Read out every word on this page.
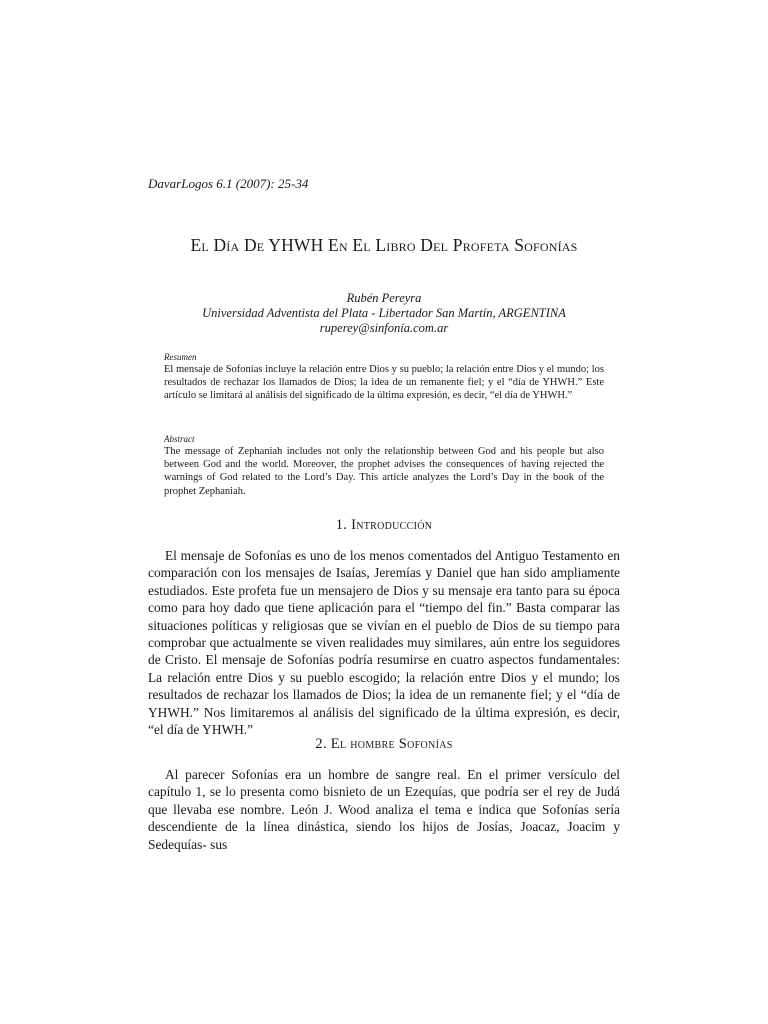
DavarLogos 6.1 (2007): 25-34
El Día De YHWH En El Libro Del Profeta Sofonías
Rubén Pereyra
Universidad Adventista del Plata - Libertador San Martín, ARGENTINA
ruperey@sinfonía.com.ar
Resumen

El mensaje de Sofonías incluye la relación entre Dios y su pueblo; la relación entre Dios y el mundo; los resultados de rechazar los llamados de Dios; la idea de un remanente fiel; y el “día de YHWH.” Este artículo se limitará al análisis del significado de la última expresión, es decir, “el día de YHWH.”

Abstract

The message of Zephaniah includes not only the relationship between God and his people but also between God and the world. Moreover, the prophet advises the consequences of having rejected the warnings of God related to the Lord’s Day. This article analyzes the Lord’s Day in the book of the prophet Zephaniah.

1. Introducción

El mensaje de Sofonías es uno de los menos comentados del Antiguo Testamento en comparación con los mensajes de Isaías, Jeremías y Daniel que han sido ampliamente estudiados. Este profeta fue un mensajero de Dios y su mensaje era tanto para su época como para hoy dado que tiene aplicación para el “tiempo del fin.” Basta comparar las situaciones políticas y religiosas que se vivían en el pueblo de Dios de su tiempo para comprobar que actualmente se viven realidades muy similares, aún entre los seguidores de Cristo. El mensaje de Sofonías podría resumirse en cuatro aspectos fundamentales: La relación entre Dios y su pueblo escogido; la relación entre Dios y el mundo; los resultados de rechazar los llamados de Dios; la idea de un remanente fiel; y el “día de YHWH.” Nos limitaremos al análisis del significado de la última expresión, es decir, “el día de YHWH.”

2. El hombre Sofonías

Al parecer Sofonías era un hombre de sangre real. En el primer versículo del capítulo 1, se lo presenta como bisnieto de un Ezequías, que podría ser el rey de Judá que llevaba ese nombre. León J. Wood analiza el tema e indica que Sofonías sería descendiente de la línea dinástica, siendo los hijos de Josías, Joacaz, Joacim y Sedequías- sus
